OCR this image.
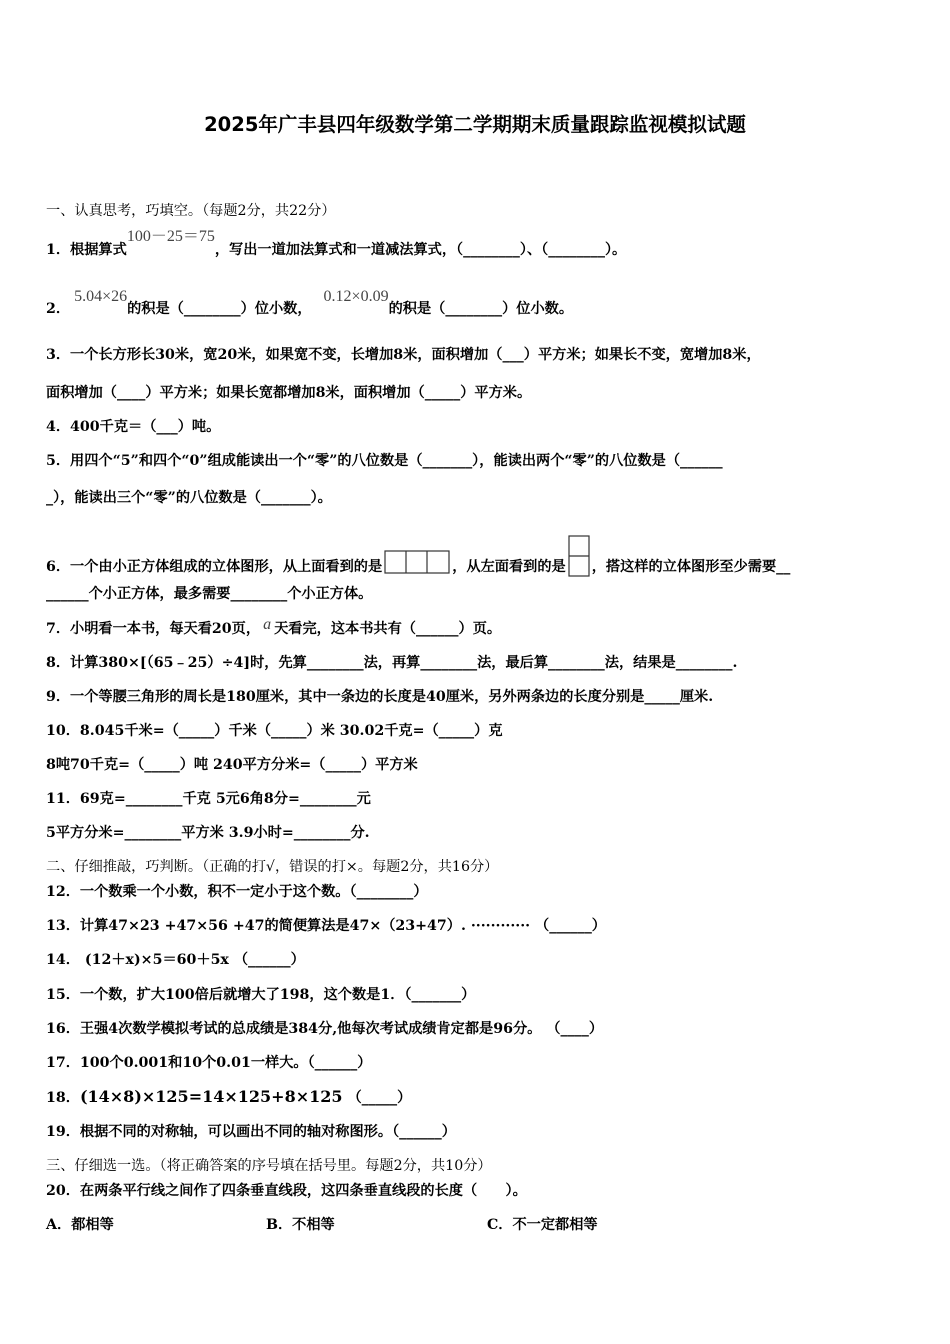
2025年广丰县四年级数学第二学期期末质量跟踪监视模拟试题
一、认真思考，巧填空。（每题2分，共22分）
1．根据算式100－25＝75，写出一道加法算式和一道减法算式，（________）、（________）。
2．5.04×26的积是（________）位小数，0.12×0.09的积是（________）位小数。
3．一个长方形长30米，宽20米，如果宽不变，长增加8米，面积增加（___）平方米；如果长不变，宽增加8米，
面积增加（____）平方米；如果长宽都增加8米，面积增加（_____）平方米。
4．400千克＝（___）吨。
5．用四个“5”和四个“0”组成能读出一个“零”的八位数是（_______），能读出两个“零”的八位数是（______
_），能读出三个“零”的八位数是（_______）。
6．一个由小正方体组成的立体图形，从上面看到的是	，从左面看到的是 ，搭这样的立体图形至少需要__
______个小正方体，最多需要________个小正方体。
7．小明看一本书，每天看20页， a 天看完，这本书共有（______）页。
8．计算380×[（65﹣25）÷4]时，先算________法，再算________法，最后算________法，结果是________.
9．一个等腰三角形的周长是180厘米，其中一条边的长度是40厘米，另外两条边的长度分别是_____厘米.
10．8.045千米=（_____）千米（_____）米 30.02千克=（_____）克
8吨70千克=（_____）吨 240平方分米=（_____）平方米
11．69克=________千克 5元6角8分=________元
5平方分米=________平方米 3.9小时=________分.
二、仔细推敲，巧判断。（正确的打√，错误的打×。每题2分，共16分）
12．一个数乘一个小数，积不一定小于这个数。（________）
13．计算47×23 +47×56 +47的简便算法是47×（23+47）. ············ （______）
14． (12＋x)×5＝60＋5x （______）
15．一个数，扩大100倍后就增大了198，这个数是1．（_______）
16．王强4次数学模拟考试的总成绩是384分,他每次考试成绩肯定都是96分。 （____）
17．100个0.001和10个0.01一样大。（______）
18．(14×8)×125=14×125+8×125 （_____）
19．根据不同的对称轴，可以画出不同的轴对称图形。（______）
三、仔细选一选。（将正确答案的序号填在括号里。每题2分，共10分）
20．在两条平行线之间作了四条垂直线段，这四条垂直线段的长度（　　）。
A．都相等	B．不相等	C．不一定都相等
